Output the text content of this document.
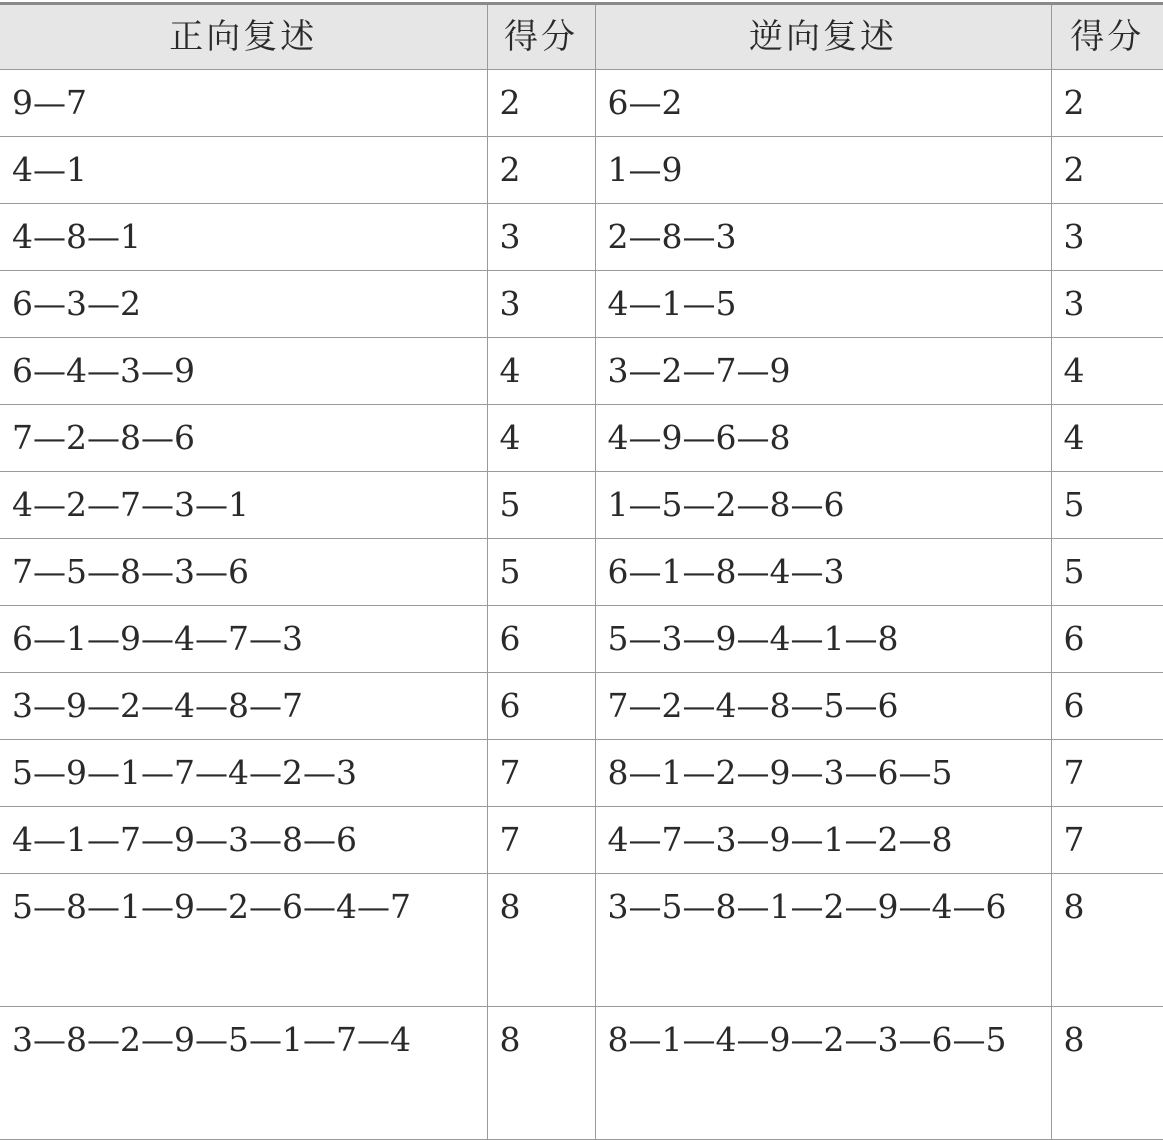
正向复述	得分	逆向复述	得分
9—7	2	6—2	2
4—1	2	1—9	2
4—8—1	3	2—8—3	3
6—3—2	3	4—1—5	3
6—4—3—9	4	3—2—7—9	4
7—2—8—6	4	4—9—6—8	4
4—2—7—3—1	5	1—5—2—8—6	5
7—5—8—3—6	5	6—1—8—4—3	5
6—1—9—4—7—3	6	5—3—9—4—1—8	6
3—9—2—4—8—7	6	7—2—4—8—5—6	6
5—9—1—7—4—2—3	7	8—1—2—9—3—6—5	7
4—1—7—9—3—8—6	7	4—7—3—9—1—2—8	7
5—8—1—9—2—6—4—7	8	3—5—8—1—2—9—4—6	8
3—8—2—9—5—1—7—4	8	8—1—4—9—2—3—6—5	8
